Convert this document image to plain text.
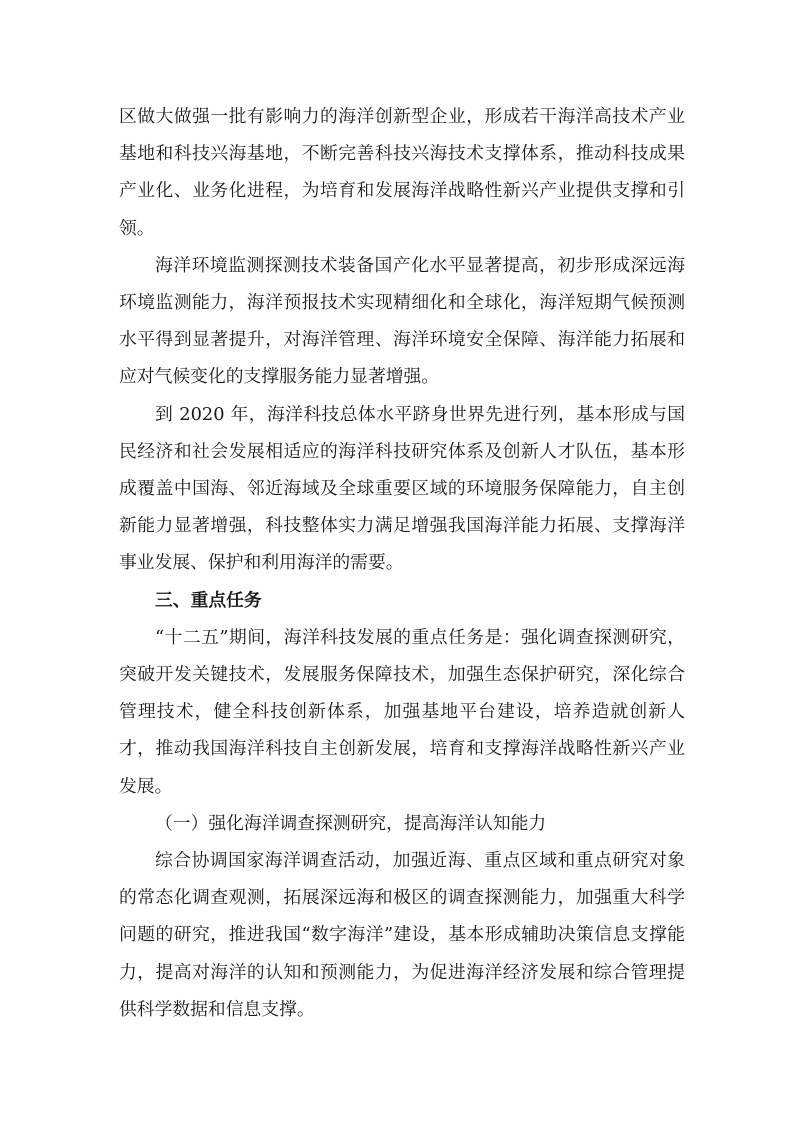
区做大做强一批有影响力的海洋创新型企业，形成若干海洋高技术产业基地和科技兴海基地，不断完善科技兴海技术支撑体系，推动科技成果产业化、业务化进程，为培育和发展海洋战略性新兴产业提供支撑和引领。

海洋环境监测探测技术装备国产化水平显著提高，初步形成深远海环境监测能力，海洋预报技术实现精细化和全球化，海洋短期气候预测水平得到显著提升，对海洋管理、海洋环境安全保障、海洋能力拓展和应对气候变化的支撑服务能力显著增强。

到 2020 年，海洋科技总体水平跻身世界先进行列，基本形成与国民经济和社会发展相适应的海洋科技研究体系及创新人才队伍，基本形成覆盖中国海、邻近海域及全球重要区域的环境服务保障能力，自主创新能力显著增强，科技整体实力满足增强我国海洋能力拓展、支撑海洋事业发展、保护和利用海洋的需要。

三、重点任务

“十二五”期间，海洋科技发展的重点任务是：强化调查探测研究，突破开发关键技术，发展服务保障技术，加强生态保护研究，深化综合管理技术，健全科技创新体系，加强基地平台建设，培养造就创新人才，推动我国海洋科技自主创新发展，培育和支撑海洋战略性新兴产业发展。

（一）强化海洋调查探测研究，提高海洋认知能力

综合协调国家海洋调查活动，加强近海、重点区域和重点研究对象的常态化调查观测，拓展深远海和极区的调查探测能力，加强重大科学问题的研究，推进我国“数字海洋”建设，基本形成辅助决策信息支撑能力，提高对海洋的认知和预测能力，为促进海洋经济发展和综合管理提供科学数据和信息支撑。
